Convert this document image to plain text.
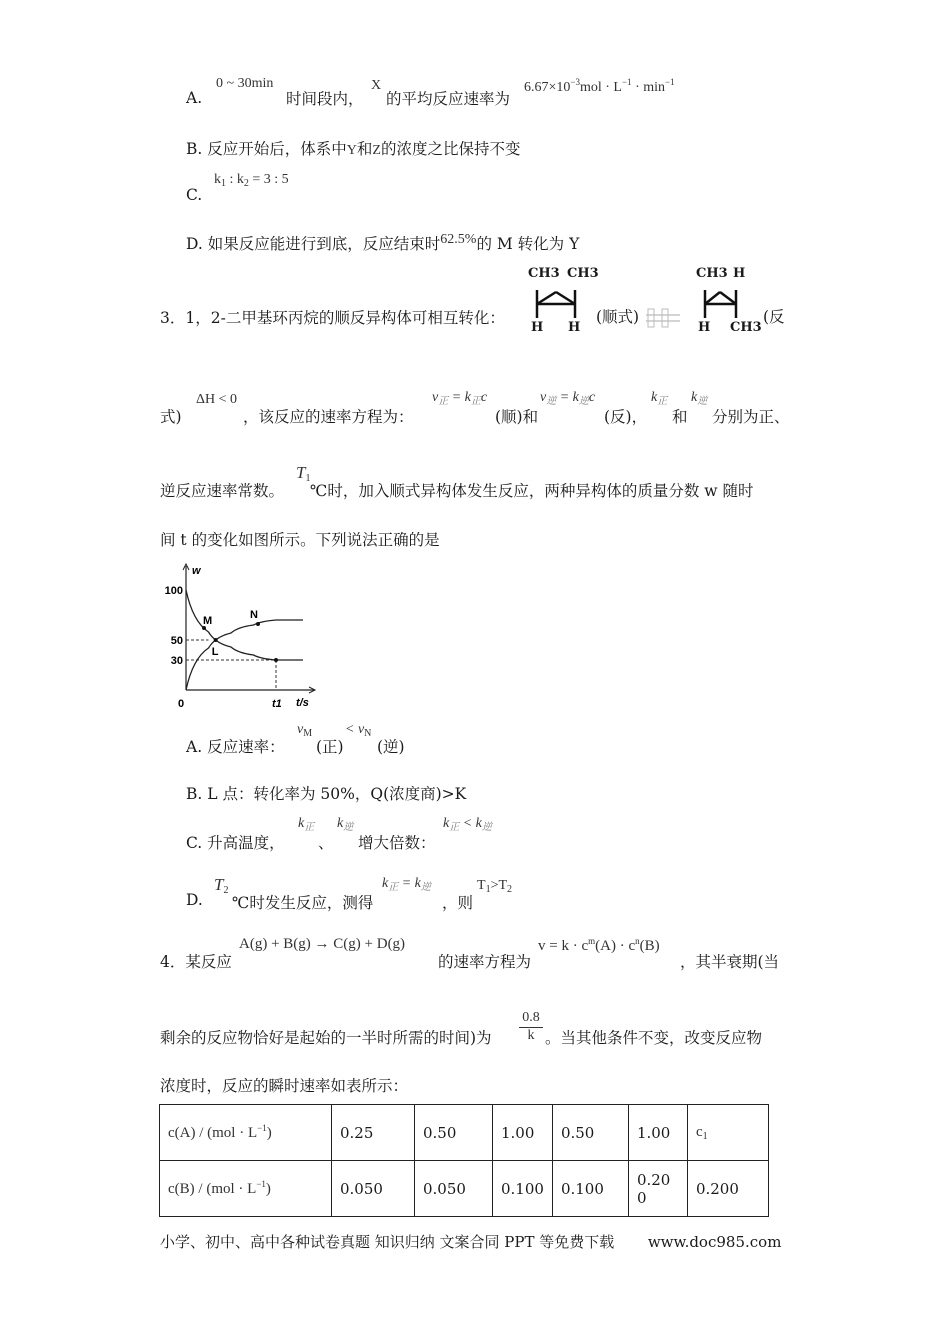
A.
0 ~ 30min
时间段内，
X
的平均反应速率为
$6.67\times 10^{-3}mol \cdot L^{-1} \cdot \min^{-1}$
B. 反应开始后，体系中Y和Z的浓度之比保持不变
C.
$k_1$ : $k_2 = 3$ : 5
D. 如果反应能进行到底，反应结束时62.5%的 M 转化为 Y
3．1，2-二甲基环丙烷的顺反异构体可相互转化：
CH3 CH3
H H
(顺式)
CH3 H
H CH3
(反
式)
ΔH < 0
，该反应的速率方程为：
$v_正 = k_正c$
(顺)和
$v_逆 = k_逆c$
(反)，
$k_正$
和
$k_逆$
分别为正、
逆反应速率常数。
$T_1$
℃时，加入顺式异构体发生反应，两种异构体的质量分数 w 随时
间 t 的变化如图所示。下列说法正确的是
w
t/s
100
50
30
0	t1
M	N
L
A. 反应速率：
$v_M$
(正)
< $v_N$
(逆)
B. L 点：转化率为 50%，Q(浓度商)>K
C. 升高温度，
$k_正$
、
$k_逆$
增大倍数：
$k_正 < k_逆$
D.
$T_2$
℃时发生反应，测得
$k_正 = k_逆$
，则
$T_1>T_2$
4．某反应
A(g) + B(g) → C(g) + D(g)
的速率方程为
$v = k \cdot c^m(A) \cdot c^n(B)$
，其半衰期(当
剩余的反应物恰好是起始的一半时所需的时间)为
0.8
k 。当其他条件不变，改变反应物
浓度时，反应的瞬时速率如表所示：
$c(A) / (mol \cdot L^{-1})$	0.25	0.50	1.00	0.50	1.00	$c_1$
$c(B) / (mol \cdot L^{-1})$	0.050	0.050	0.100	0.100	0.200	0.200
小学、初中、高中各种试卷真题 知识归纳 文案合同 PPT 等免费下载 www.doc985.com
